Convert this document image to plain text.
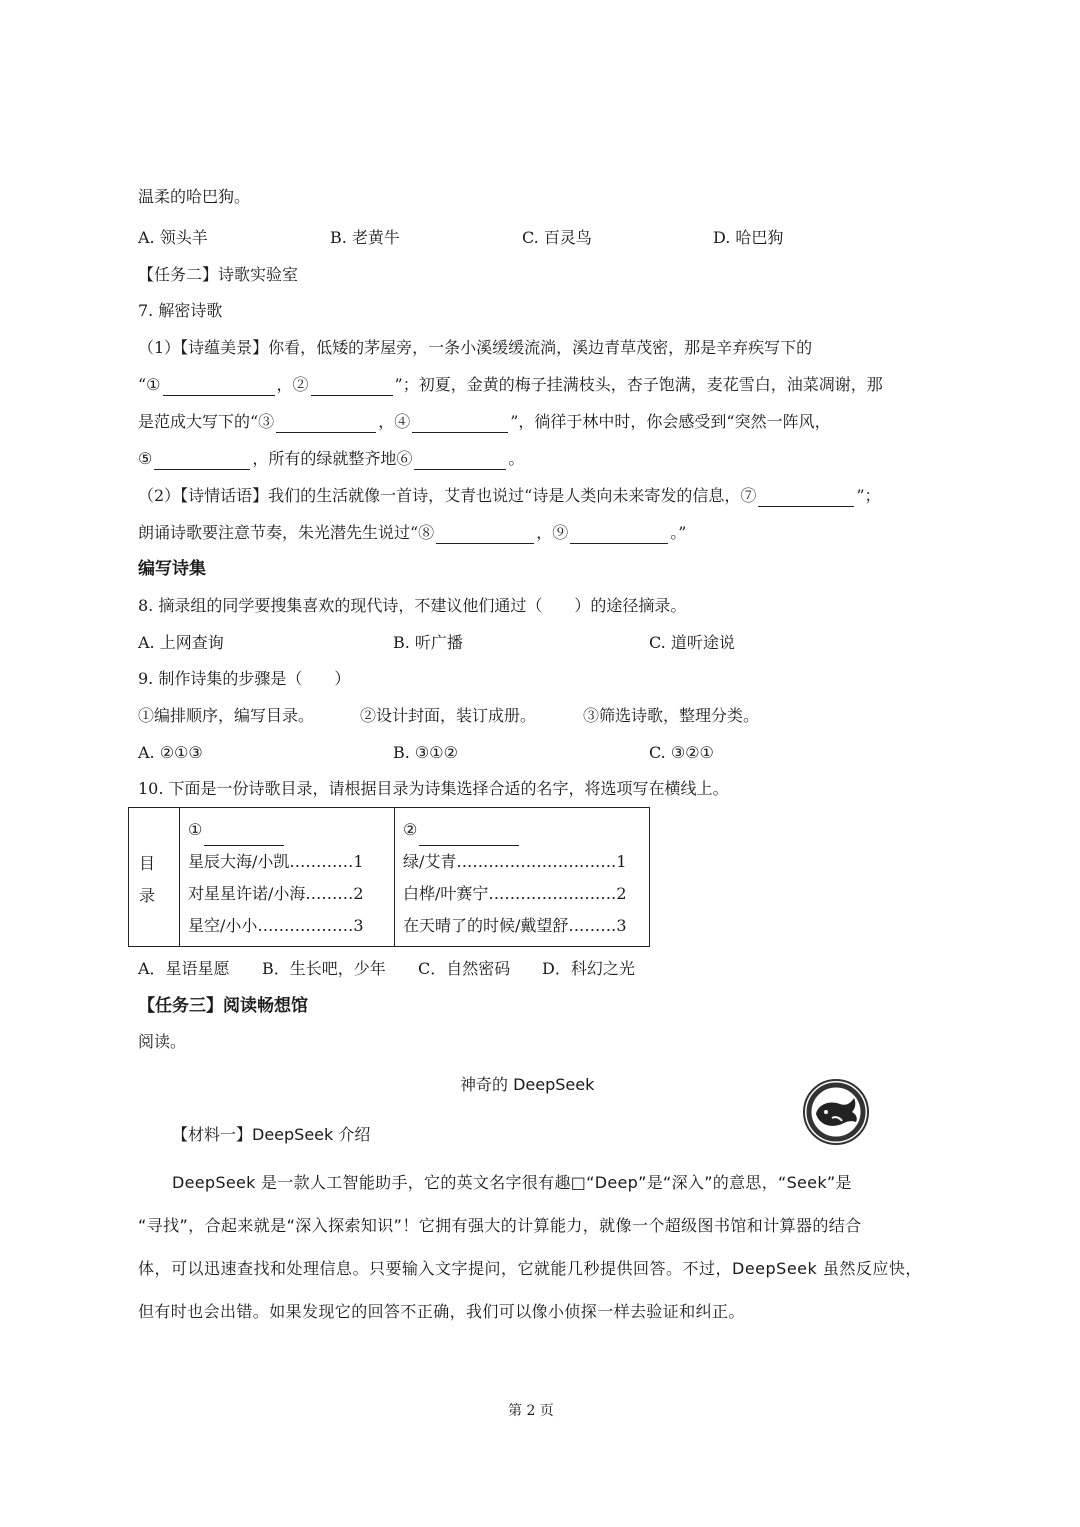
温柔的哈巴狗。
A. 领头羊	B. 老黄牛	C. 百灵鸟	D. 哈巴狗
【任务二】诗歌实验室
7. 解密诗歌
（1）【诗蕴美景】你看，低矮的茅屋旁，一条小溪缓缓流淌，溪边青草茂密，那是辛弃疾写下的
“①	，②	”；初夏，金黄的梅子挂满枝头，杏子饱满，麦花雪白，油菜凋谢，那
是范成大写下的“③	，④	”，徜徉于林中时，你会感受到“突然一阵风，
⑤	，所有的绿就整齐地⑥	。
（2）【诗情话语】我们的生活就像一首诗，艾青也说过“诗是人类向未来寄发的信息，⑦	”；
朗诵诗歌要注意节奏，朱光潜先生说过“⑧	，⑨	。”
编写诗集
8. 摘录组的同学要搜集喜欢的现代诗，不建议他们通过（　　）的途径摘录。
A. 上网查询	B. 听广播	C. 道听途说
9. 制作诗集的步骤是（　　）
①编排顺序，编写目录。	②设计封面，装订成册。	③筛选诗歌，整理分类。
A. ②①③	B. ③①②	C. ③②①
10. 下面是一份诗歌目录，请根据目录为诗集选择合适的名字，将选项写在横线上。
目
录

①
星辰大海/小凯…………1
对星星许诺/小海………2
星空/小小………………3

②
绿/艾青…………………………1
白桦/叶赛宁……………………2
在天晴了的时候/戴望舒………3
A．星语星愿 B．生长吧，少年 C．自然密码 D．科幻之光
【任务三】阅读畅想馆
阅读。
神奇的 DeepSeek
【材料一】DeepSeek 介绍
DeepSeek 是一款人工智能助手，它的英文名字很有趣□“Deep”是“深入”的意思，“Seek”是
“寻找”，合起来就是“深入探索知识”！它拥有强大的计算能力，就像一个超级图书馆和计算器的结合
体，可以迅速查找和处理信息。只要输入文字提问，它就能几秒提供回答。不过，DeepSeek 虽然反应快，
但有时也会出错。如果发现它的回答不正确，我们可以像小侦探一样去验证和纠正。
第 2 页
